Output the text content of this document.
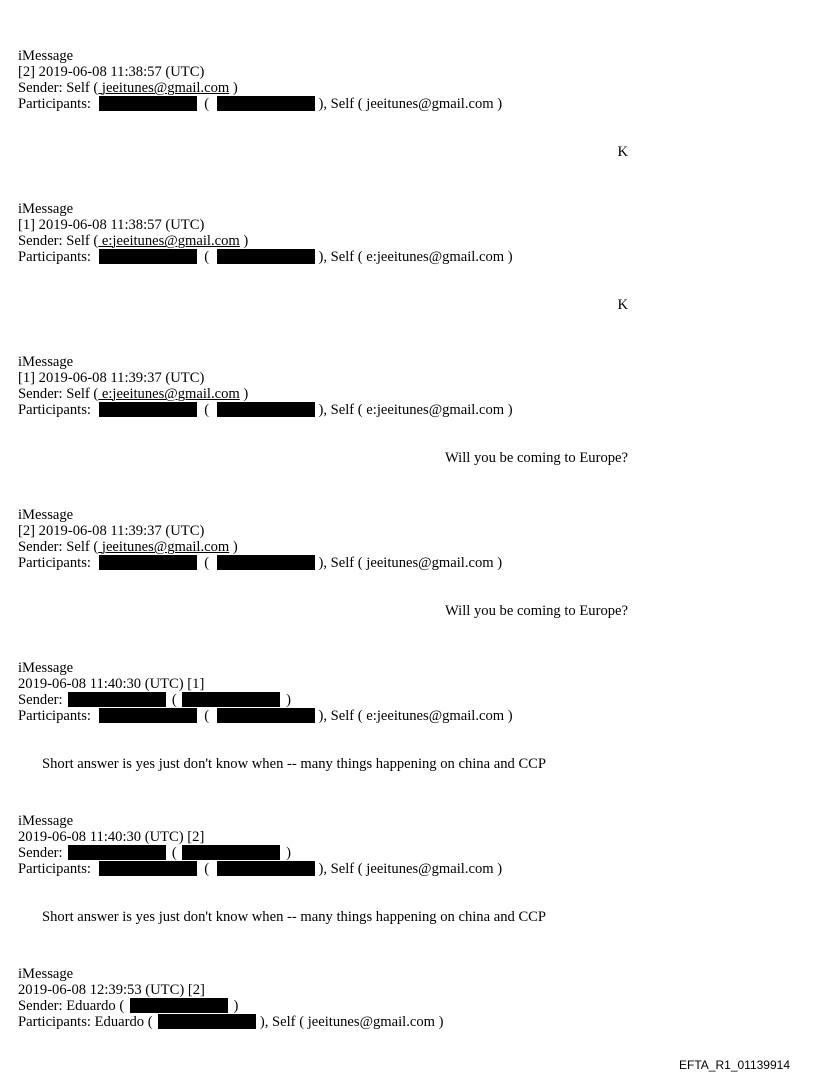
iMessage
[2] 2019-06-08 11:38:57 (UTC)
Sender: Self ( jeeitunes@gmail.com )
Participants:	(	), Self ( jeeitunes@gmail.com )
K
iMessage
[1] 2019-06-08 11:38:57 (UTC)
Sender: Self ( e:jeeitunes@gmail.com )
Participants:	(	), Self ( e:jeeitunes@gmail.com )
K
iMessage
[1] 2019-06-08 11:39:37 (UTC)
Sender: Self ( e:jeeitunes@gmail.com )
Participants:	(	), Self ( e:jeeitunes@gmail.com )
Will you be coming to Europe?
iMessage
[2] 2019-06-08 11:39:37 (UTC)
Sender: Self ( jeeitunes@gmail.com )
Participants:	(	), Self ( jeeitunes@gmail.com )
Will you be coming to Europe?
iMessage
2019-06-08 11:40:30 (UTC) [1]
Sender:	(	)
Participants:	(	), Self ( e:jeeitunes@gmail.com )
Short answer is yes just don't know when -- many things happening on china and CCP
iMessage
2019-06-08 11:40:30 (UTC) [2]
Sender:	(	)
Participants:	(	), Self ( jeeitunes@gmail.com )
Short answer is yes just don't know when -- many things happening on china and CCP
iMessage
2019-06-08 12:39:53 (UTC) [2]
Sender: Eduardo (	)
Participants: Eduardo (	), Self ( jeeitunes@gmail.com )
EFTA_R1_01139914
